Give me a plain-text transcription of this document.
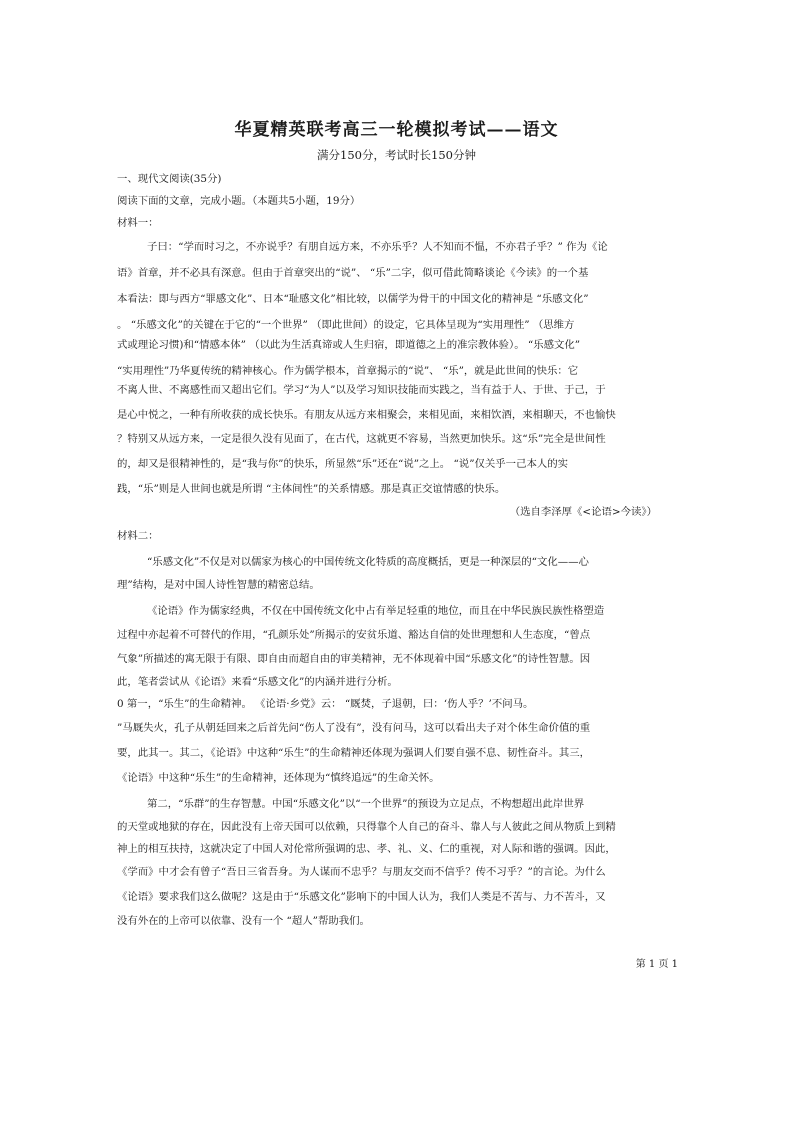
华夏精英联考高三一轮模拟考试——语文
满分150分，考试时长150分钟
一、现代文阅读(35分)
阅读下面的文章，完成小题。（本题共5小题，19分）
材料一：
子曰：“学而时习之，不亦说乎？有朋自远方来，不亦乐乎？人不知而不愠，不亦君子乎？” 作为《论
语》首章，并不必具有深意。但由于首章突出的“说”、 “乐”二字，似可借此简略谈论《今读》的一个基
本看法：即与西方“罪感文化”、日本“耻感文化”相比较，以儒学为骨干的中国文化的精神是 “乐感文化”
。 “乐感文化”的关键在于它的“一个世界” （即此世间）的设定，它具体呈现为“实用理性” （思维方
式或理论习惯)和“情感本体” （以此为生活真谛或人生归宿，即道德之上的准宗教体验）。 “乐感文化”
“实用理性”乃华夏传统的精神核心。作为儒学根本，首章揭示的“说”、 “乐”，就是此世间的快乐：它
不离人世、不离感性而又超出它们。学习“为人”以及学习知识技能而实践之，当有益于人、于世、于己，于
是心中悦之，一种有所收获的成长快乐。有朋友从远方来相聚会，来相见面，来相饮酒，来相聊天，不也愉快
？特别又从远方来，一定是很久没有见面了，在古代，这就更不容易，当然更加快乐。这“乐”完全是世间性
的，却又是很精神性的，是“我与你”的快乐，所显然“乐”还在“说”之上。 “说”仅关乎一己本人的实
践，“乐”则是人世间也就是所谓 “主体间性”的关系情感。那是真正交谊情感的快乐。
（选自李泽厚《<论语>今读》）
材料二：
“乐感文化”不仅是对以儒家为核心的中国传统文化特质的高度概括，更是一种深层的“文化——心
理”结构，是对中国人诗性智慧的精密总结。
《论语》作为儒家经典，不仅在中国传统文化中占有举足轻重的地位，而且在中华民族民族性格塑造
过程中亦起着不可替代的作用，“孔颜乐处”所揭示的安贫乐道、豁达自信的处世理想和人生态度，“曾点
气象”所描述的寓无限于有限、即自由而超自由的审美精神，无不体现着中国“乐感文化”的诗性智慧。因
此，笔者尝试从《论语》来看“乐感文化”的内涵并进行分析。
0 第一，“乐生”的生命精神。 《论语·乡党》云： “厩焚，子退朝，曰：‘伤人乎？’不问马。
”马厩失火，孔子从朝廷回来之后首先问“伤人了没有”，没有问马，这可以看出夫子对个体生命价值的重
要，此其一。其二，《论语》中这种“乐生”的生命精神还体现为强调人们要自强不息、韧性奋斗。其三，
《论语》中这种“乐生”的生命精神，还体现为“慎终追远”的生命关怀。
第二，“乐群”的生存智慧。中国“乐感文化”以“一个世界”的预设为立足点，不构想超出此岸世界
的天堂或地狱的存在，因此没有上帝天国可以依赖，只得靠个人自己的奋斗、靠人与人彼此之间从物质上到精
神上的相互扶持，这就决定了中国人对伦常所强调的忠、孝、礼、义、仁的重视，对人际和谐的强调。因此，
《学而》中才会有曾子“吾日三省吾身。为人谋而不忠乎？与朋友交而不信乎？传不习乎？”的言论。为什么
《论语》要求我们这么做呢？这是由于“乐感文化”影响下的中国人认为，我们人类是不苦与、力不苦斗，又
没有外在的上帝可以依靠、没有一个 “超人”帮助我们。
第 1 页 1
